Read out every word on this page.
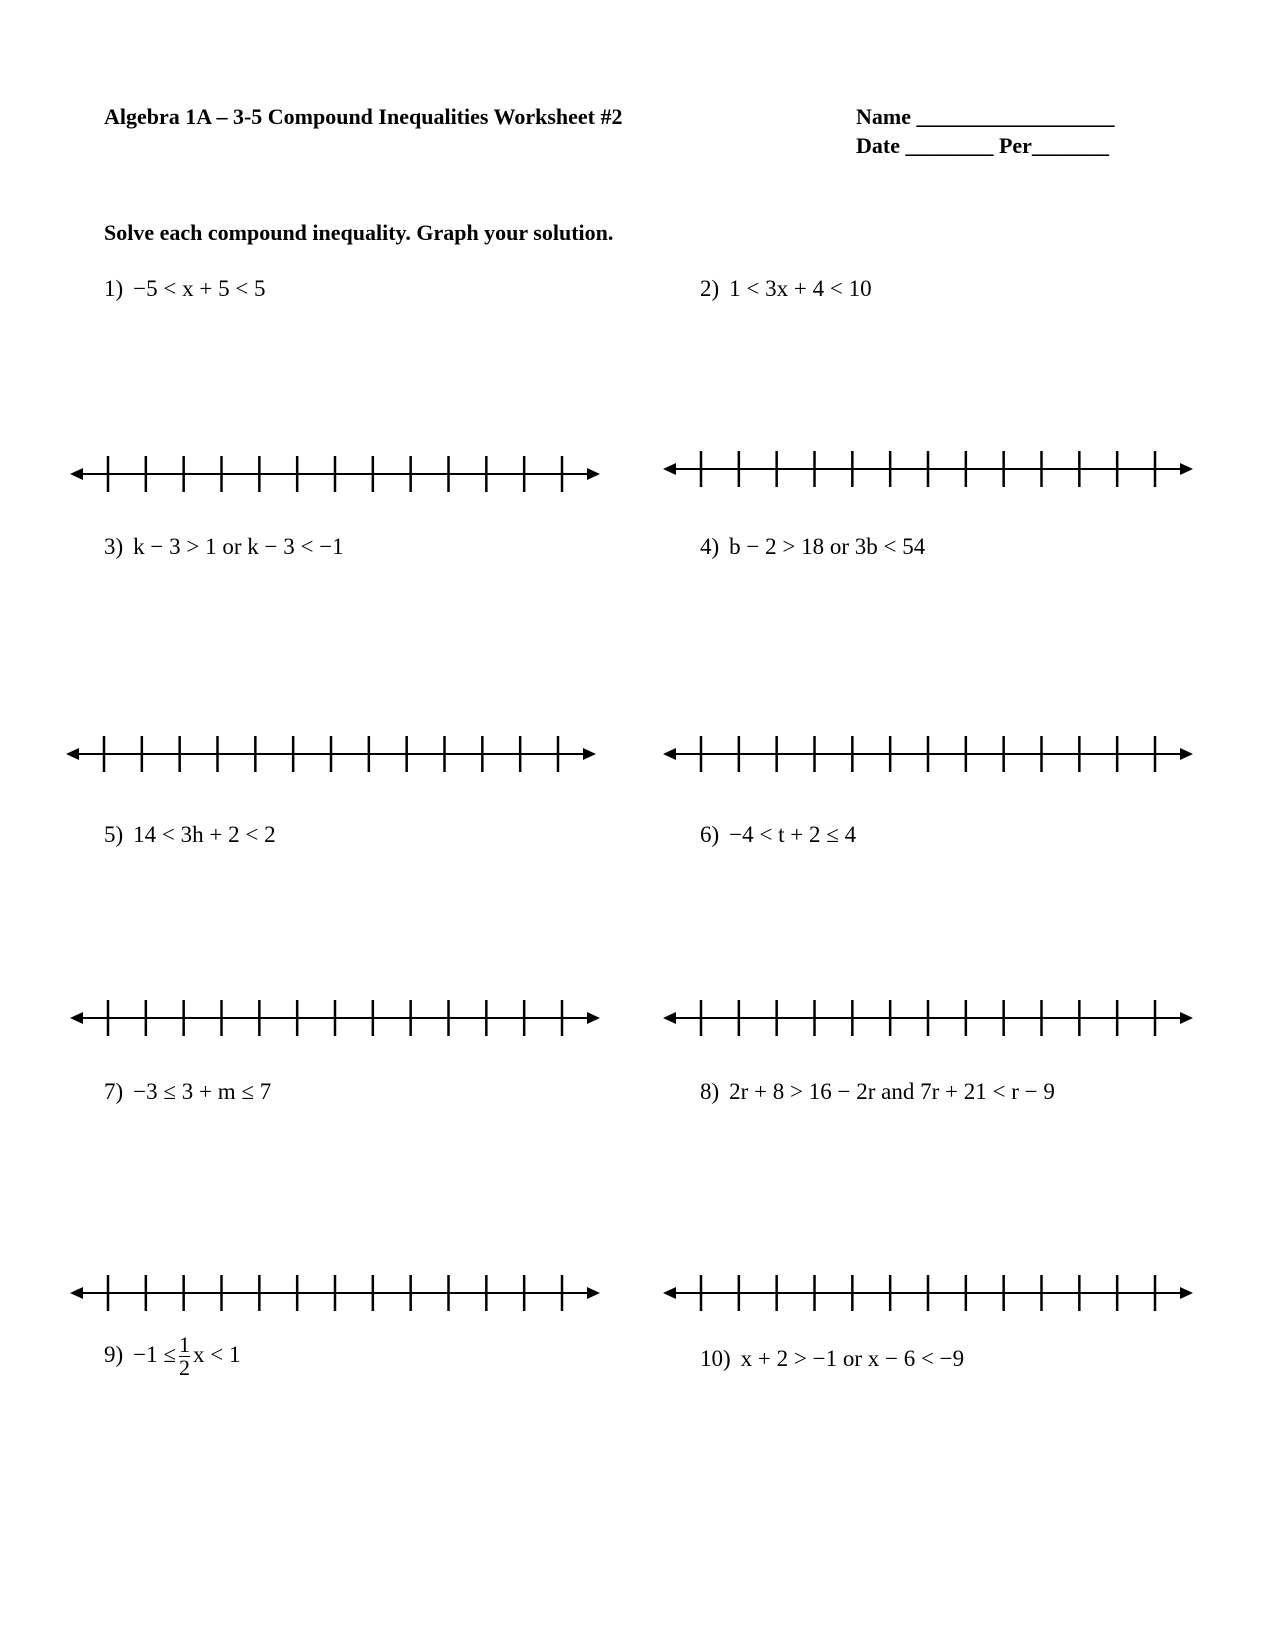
Algebra 1A – 3-5 Compound Inequalities Worksheet #2	Name __________________
Date ________ Per_______
Solve each compound inequality. Graph your solution.
1) −5 < x + 5 < 5	2) 1 < 3x + 4 < 10
3) k − 3 > 1 or k − 3 < −1	4) b − 2 > 18 or 3b < 54
5) 14 < 3h + 2 < 2	6) −4 < t + 2 ≤ 4
7) −3 ≤ 3 + m ≤ 7	8) 2r + 8 > 16 − 2r and 7r + 21 < r − 9
$9) -1 \le \frac{1}{2}$ x < 1	10) x + 2 > −1 or x − 6 < −9
